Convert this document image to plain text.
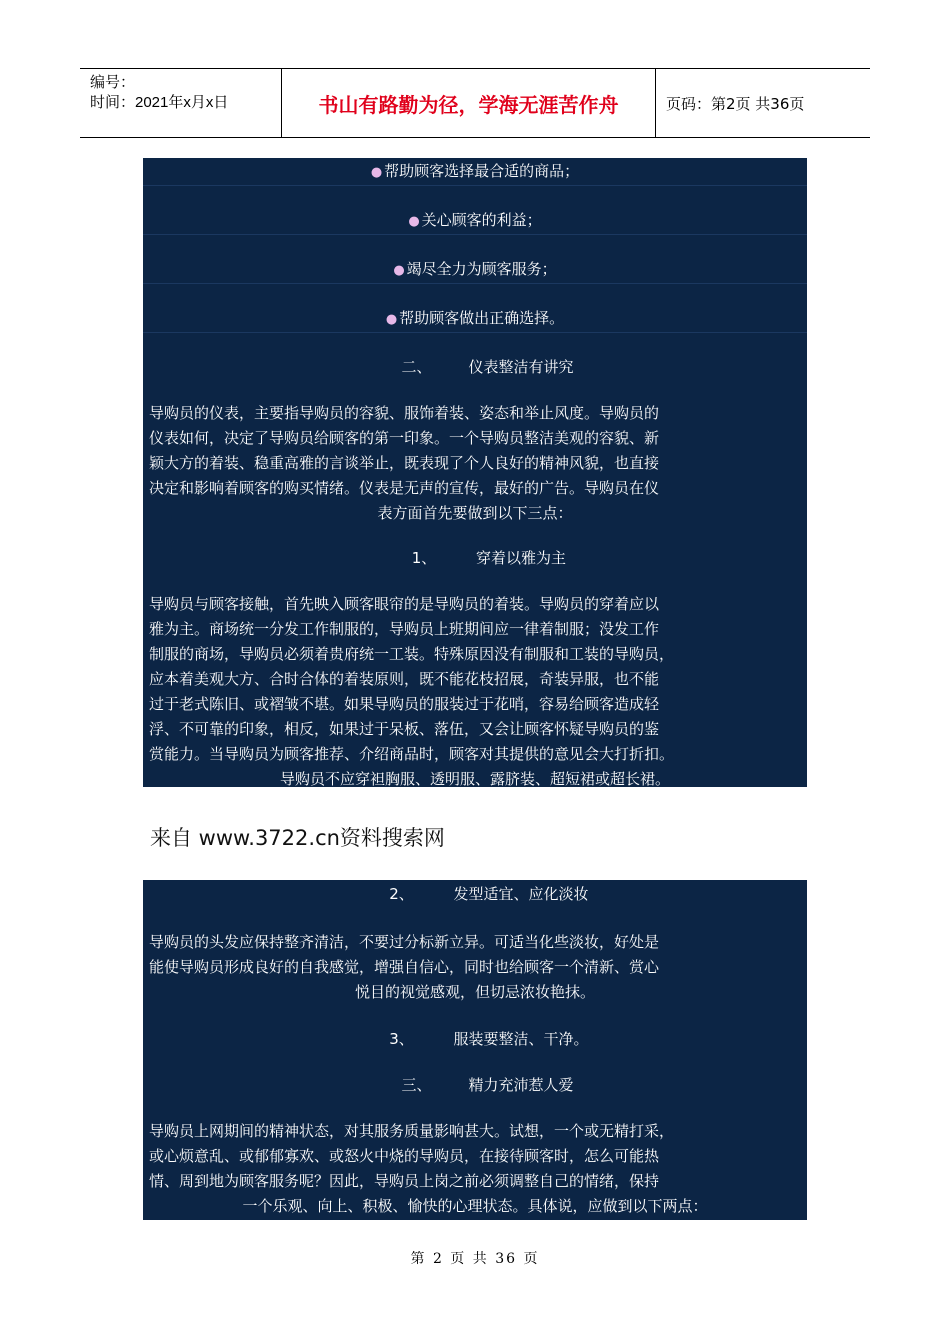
编号：
时间：2021年x月x日	书山有路勤为径，学海无涯苦作舟	页码：第2页 共36页
● 帮助顾客选择最合适的商品；
● 关心顾客的利益；
● 竭尽全力为顾客服务；
● 帮助顾客做出正确选择。
二、 仪表整洁有讲究
导购员的仪表，主要指导购员的容貌、服饰着装、姿态和举止风度。导购员的
仪表如何，决定了导购员给顾客的第一印象。一个导购员整洁美观的容貌、新
颖大方的着装、稳重高雅的言谈举止，既表现了个人良好的精神风貌，也直接
决定和影响着顾客的购买情绪。仪表是无声的宣传，最好的广告。导购员在仪
表方面首先要做到以下三点：
1、	穿着以雅为主
导购员与顾客接触，首先映入顾客眼帘的是导购员的着装。导购员的穿着应以
雅为主。商场统一分发工作制服的，导购员上班期间应一律着制服；没发工作
制服的商场，导购员必须着贵府统一工装。特殊原因没有制服和工装的导购员，
应本着美观大方、合时合体的着装原则，既不能花枝招展，奇装异服，也不能
过于老式陈旧、或褶皱不堪。如果导购员的服装过于花哨，容易给顾客造成轻
浮、不可靠的印象，相反，如果过于呆板、落伍，又会让顾客怀疑导购员的鉴
赏能力。当导购员为顾客推荐、介绍商品时，顾客对其提供的意见会大打折扣。
导购员不应穿袒胸服、透明服、露脐装、超短裙或超长裙。
来自 www.3722.cn资料搜索网
2、	发型适宜、应化淡妆
导购员的头发应保持整齐清洁，不要过分标新立异。可适当化些淡妆，好处是
能使导购员形成良好的自我感觉，增强自信心，同时也给顾客一个清新、赏心
悦目的视觉感观，但切忌浓妆艳抹。
3、	服装要整洁、干净。
三、 精力充沛惹人爱
导购员上网期间的精神状态，对其服务质量影响甚大。试想，一个或无精打采，
或心烦意乱、或郁郁寡欢、或怒火中烧的导购员，在接待顾客时，怎么可能热
情、周到地为顾客服务呢？因此，导购员上岗之前必须调整自己的情绪，保持
一个乐观、向上、积极、愉快的心理状态。具体说，应做到以下两点：
第 2 页 共 36 页
